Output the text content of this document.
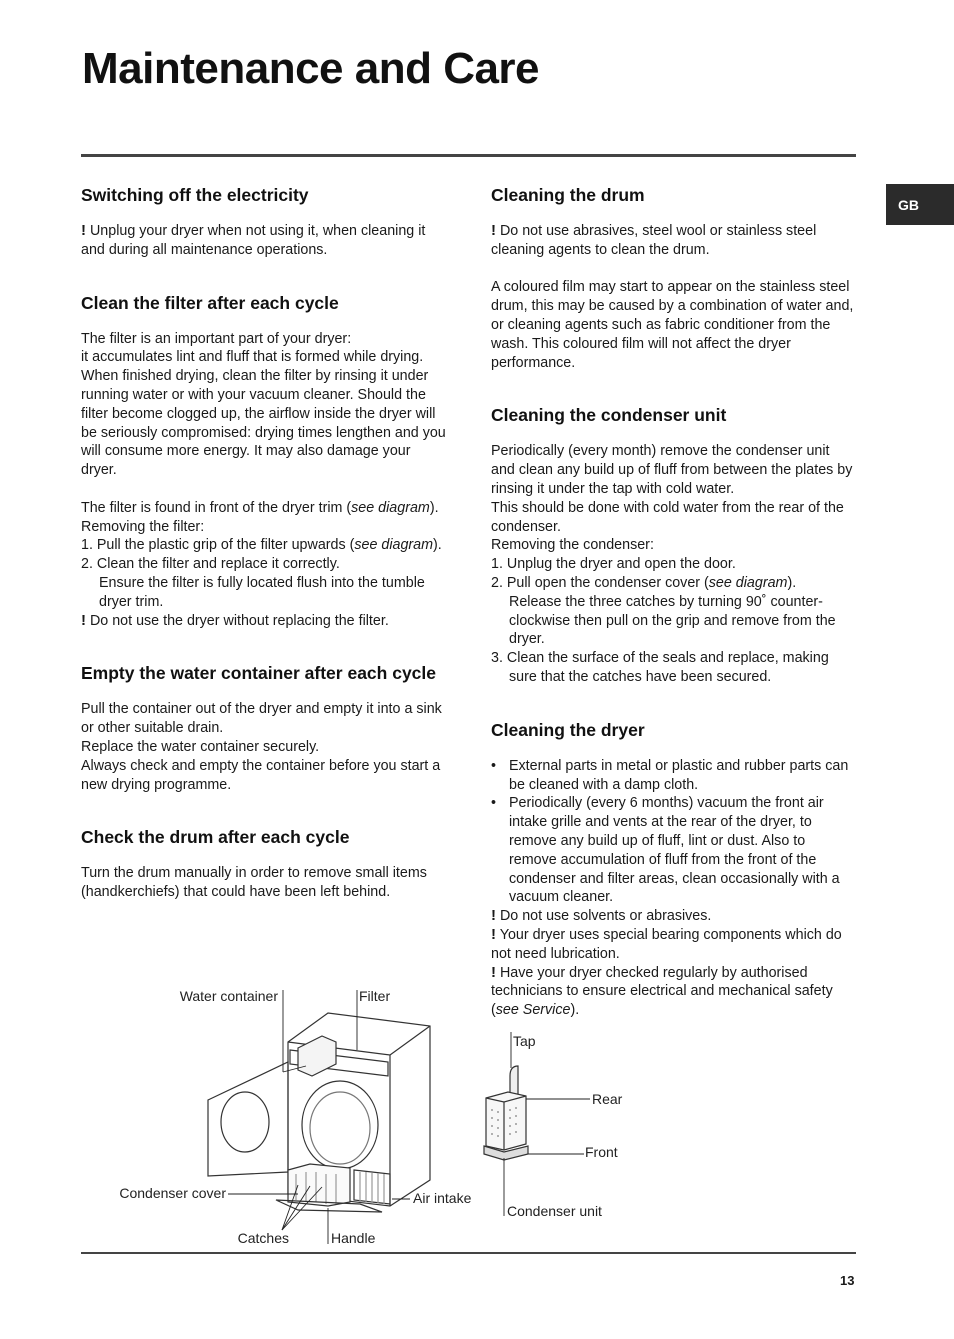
Maintenance and Care
GB
Switching off the electricity

! Unplug your dryer when not using it, when cleaning it and during all maintenance operations.

Clean the filter after each cycle

The filter is an important part of your dryer:

it accumulates lint and fluff that is formed while drying. When finished drying, clean the filter by rinsing it under running water or with your vacuum cleaner. Should the filter become clogged up, the airflow inside the dryer will be seriously compromised: drying times lengthen and you will consume more energy. It may also damage your dryer.

The filter is found in front of the dryer trim (see diagram).

Removing the filter:

1. Pull the plastic grip of the filter upwards (see diagram).

2. Clean the filter and replace it correctly.

Ensure the filter is fully located flush into the tumble dryer trim.

! Do not use the dryer without replacing the filter.

Empty the water container after each cycle

Pull the container out of the dryer and empty it into a sink or other suitable drain.

Replace the water container securely.

Always check and empty the container before you start a new drying programme.

Check the drum after each cycle

Turn the drum manually in order to remove small items (handkerchiefs) that could have been left behind.

Cleaning the drum

! Do not use abrasives, steel wool or stainless steel cleaning agents to clean the drum.

A coloured film may start to appear on the stainless steel drum, this may be caused by a combination of water and, or cleaning agents such as fabric conditioner from the wash. This coloured film will not affect the dryer performance.

Cleaning the condenser unit

Periodically (every month) remove the condenser unit and clean any build up of fluff from between the plates by rinsing it under the tap with cold water.

This should be done with cold water from the rear of the condenser.

Removing the condenser:

1. Unplug the dryer and open the door.

2. Pull open the condenser cover (see diagram).

Release the three catches by turning 90˚ counter-clockwise then pull on the grip and remove from the dryer.

3. Clean the surface of the seals and replace, making sure that the catches have been secured.

Cleaning the dryer
• External parts in metal or plastic and rubber parts can be cleaned with a damp cloth.
• Periodically (every 6 months) vacuum the front air intake grille and vents at the rear of the dryer, to remove any build up of fluff, lint or dust. Also to remove accumulation of fluff from the front of the condenser and filter areas, clean occasionally with a vacuum cleaner.

! Do not use solvents or abrasives.

! Your dryer uses special bearing components which do not need lubrication.

! Have your dryer checked regularly by authorised technicians to ensure electrical and mechanical safety (see Service).

Water container	Filter
Condenser cover	Air intake
Catches	Handle
Tap
Rear
Front
Condenser unit
13
